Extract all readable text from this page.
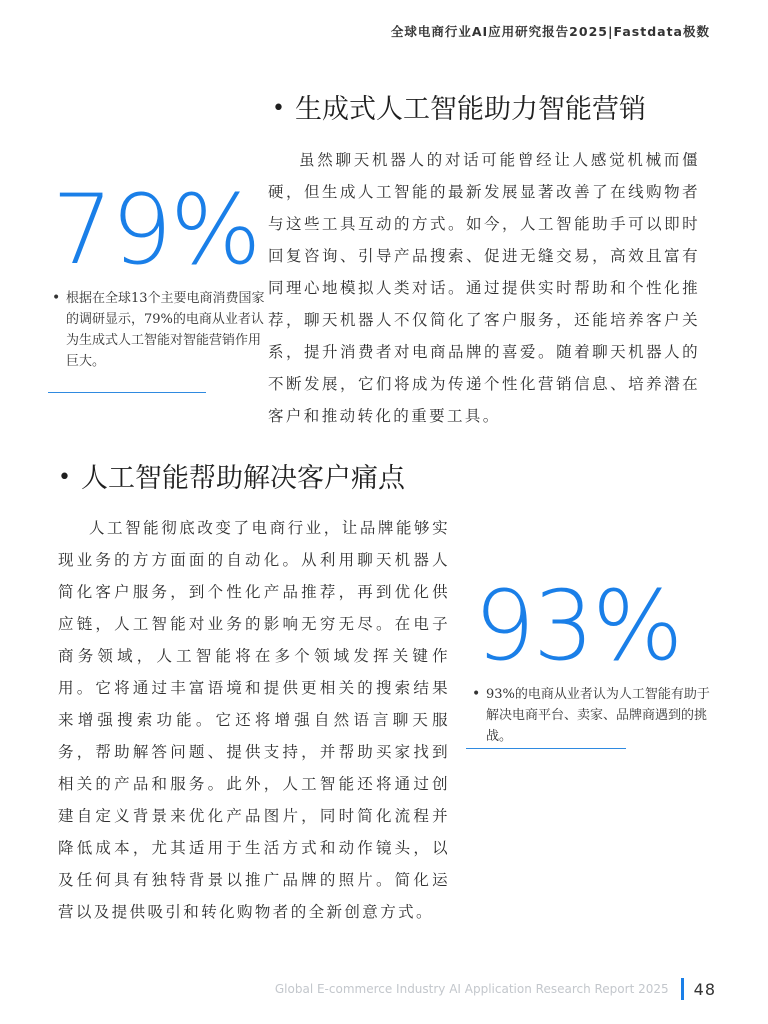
全球电商行业AI应用研究报告2025|Fastdata极数
• 生成式人工智能助力智能营销
虽然聊天机器人的对话可能曾经让人感觉机械而僵硬，但生成人工智能的最新发展显著改善了在线购物者与这些工具互动的方式。如今，人工智能助手可以即时回复咨询、引导产品搜索、促进无缝交易，高效且富有同理心地模拟人类对话。通过提供实时帮助和个性化推荐，聊天机器人不仅简化了客户服务，还能培养客户关系，提升消费者对电商品牌的喜爱。随着聊天机器人的不断发展，它们将成为传递个性化营销信息、培养潜在客户和推动转化的重要工具。
79%
• 根据在全球13个主要电商消费国家的调研显示，79%的电商从业者认为生成式人工智能对智能营销作用巨大。
• 人工智能帮助解决客户痛点
人工智能彻底改变了电商行业，让品牌能够实现业务的方方面面的自动化。从利用聊天机器人简化客户服务，到个性化产品推荐，再到优化供应链，人工智能对业务的影响无穷无尽。在电子商务领域，人工智能将在多个领域发挥关键作用。它将通过丰富语境和提供更相关的搜索结果来增强搜索功能。它还将增强自然语言聊天服务，帮助解答问题、提供支持，并帮助买家找到相关的产品和服务。此外，人工智能还将通过创建自定义背景来优化产品图片，同时简化流程并降低成本，尤其适用于生活方式和动作镜头，以及任何具有独特背景以推广品牌的照片。简化运营以及提供吸引和转化购物者的全新创意方式。
93%
• 93%的电商从业者认为人工智能有助于解决电商平台、卖家、品牌商遇到的挑战。
Global E-commerce Industry AI Application Research Report 2025 48
